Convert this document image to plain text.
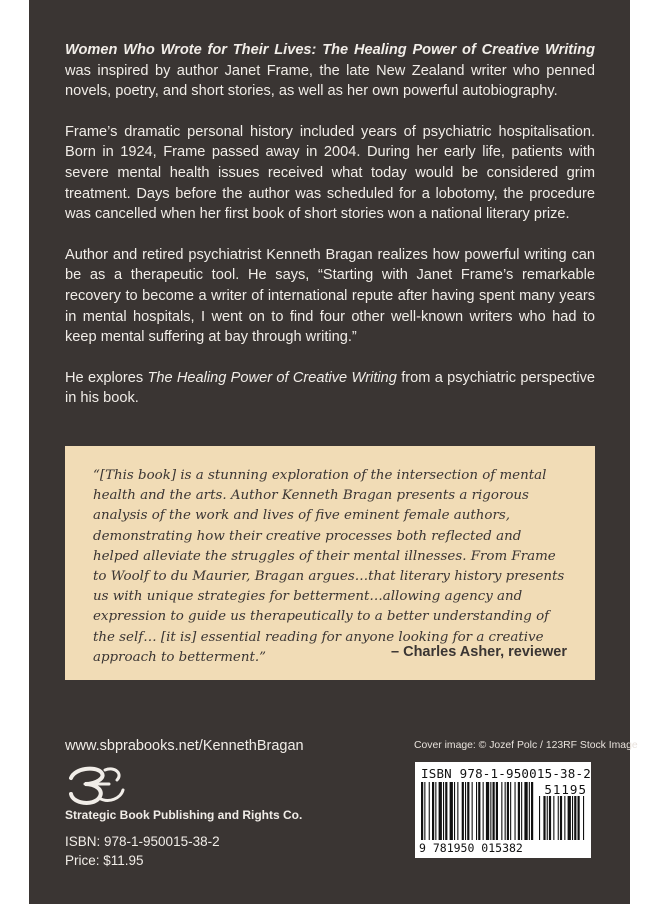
Women Who Wrote for Their Lives: The Healing Power of Creative Writing was inspired by author Janet Frame, the late New Zealand writer who penned novels, poetry, and short stories, as well as her own powerful autobiography.

Frame’s dramatic personal history included years of psychiatric hospitalisation. Born in 1924, Frame passed away in 2004. During her early life, patients with severe mental health issues received what today would be considered grim treatment. Days before the author was scheduled for a lobotomy, the procedure was cancelled when her first book of short stories won a national literary prize.

Author and retired psychiatrist Kenneth Bragan realizes how powerful writing can be as a therapeutic tool. He says, “Starting with Janet Frame’s remarkable recovery to become a writer of international repute after having spent many years in mental hospitals, I went on to find four other well-known writers who had to keep mental suffering at bay through writing.”

He explores The Healing Power of Creative Writing from a psychiatric perspective in his book.

“[This book] is a stunning exploration of the intersection of mental health and the arts. Author Kenneth Bragan presents a rigorous analysis of the work and lives of five eminent female authors, demonstrating how their creative processes both reflected and helped alleviate the struggles of their mental illnesses. From Frame to Woolf to du Maurier, Bragan argues…that literary history presents us with unique strategies for betterment…allowing agency and expression to guide us therapeutically to a better understanding of the self… [it is] essential reading for anyone looking for a creative approach to betterment.”	– Charles Asher, reviewer
www.sbprabooks.net/KennethBragan	Cover image: © Jozef Polc / 123RF Stock Image
Strategic Book Publishing and Rights Co.
ISBN: 978-1-950015-38-2
Price: $11.95
ISBN 978-1-950015-38-2
51195
9 781950 015382
